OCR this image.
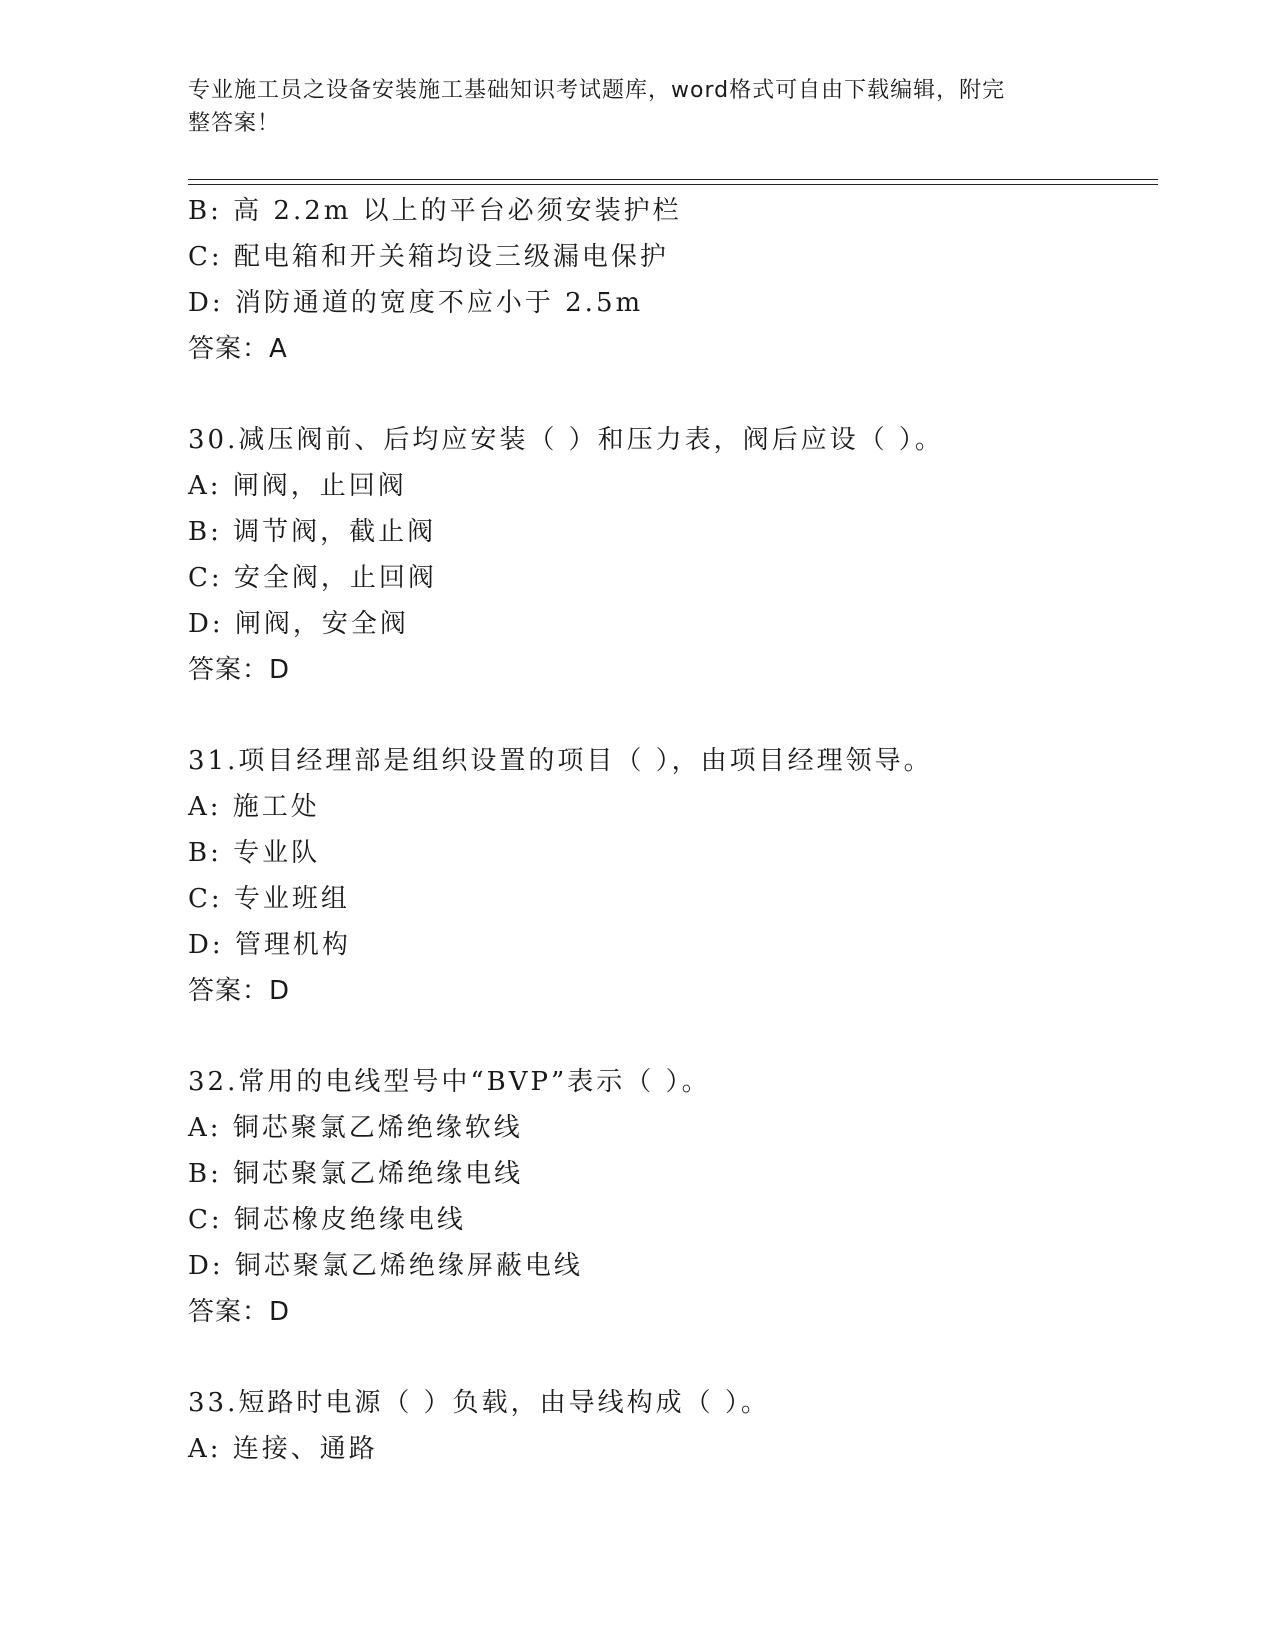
专业施工员之设备安装施工基础知识考试题库，word格式可自由下载编辑，附完
整答案！
B: 高 2.2m 以上的平台必须安装护栏
C: 配电箱和开关箱均设三级漏电保护
D: 消防通道的宽度不应小于 2.5m
答案：A
30.减压阀前、后均应安装（ ）和压力表，阀后应设（ ）。
A: 闸阀，止回阀
B: 调节阀，截止阀
C: 安全阀，止回阀
D: 闸阀，安全阀
答案：D
31.项目经理部是组织设置的项目（ ），由项目经理领导。
A: 施工处
B: 专业队
C: 专业班组
D: 管理机构
答案：D
32.常用的电线型号中“BVP”表示（ ）。
A: 铜芯聚氯乙烯绝缘软线
B: 铜芯聚氯乙烯绝缘电线
C: 铜芯橡皮绝缘电线
D: 铜芯聚氯乙烯绝缘屏蔽电线
答案：D
33.短路时电源（ ）负载，由导线构成（ ）。
A: 连接、通路
